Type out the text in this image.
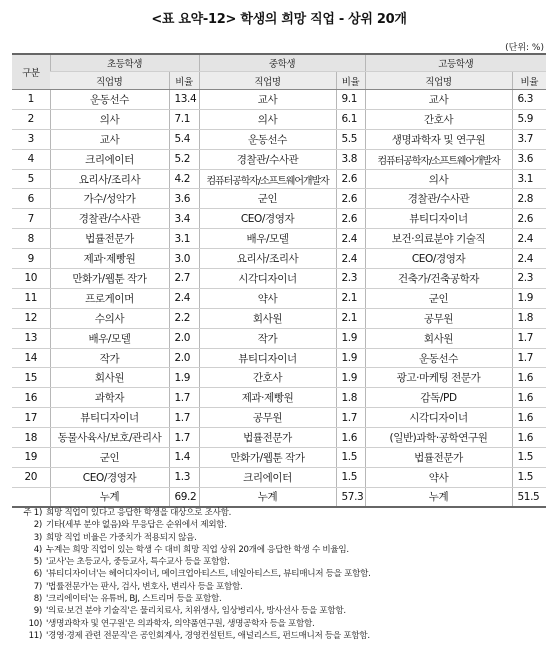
<표 요약-12> 학생의 희망 직업 - 상위 20개
(단위: %)
구분	초등학생		중학생		고등학생	
	직업명	비율	직업명	비율	직업명	비율
1	운동선수	13.4	교사	9.1	교사	6.3
2	의사	7.1	의사	6.1	간호사	5.9
3	교사	5.4	운동선수	5.5	생명과학자 및 연구원	3.7
4	크리에이터	5.2	경찰관/수사관	3.8	컴퓨터공학자/소프트웨어개발자	3.6
5	요리사/조리사	4.2	컴퓨터공학자/소프트웨어개발자	2.6	의사	3.1
6	가수/성악가	3.6	군인	2.6	경찰관/수사관	2.8
7	경찰관/수사관	3.4	CEO/경영자	2.6	뷰티디자이너	2.6
8	법률전문가	3.1	배우/모델	2.4	보건·의료분야 기술직	2.4
9	제과·제빵원	3.0	요리사/조리사	2.4	CEO/경영자	2.4
10	만화가/웹툰 작가	2.7	시각디자이너	2.3	건축가/건축공학자	2.3
11	프로게이머	2.4	약사	2.1	군인	1.9
12	수의사	2.2	회사원	2.1	공무원	1.8
13	배우/모델	2.0	작가	1.9	회사원	1.7
14	작가	2.0	뷰티디자이너	1.9	운동선수	1.7
15	회사원	1.9	간호사	1.9	광고·마케팅 전문가	1.6
16	과학자	1.7	제과·제빵원	1.8	감독/PD	1.6
17	뷰티디자이너	1.7	공무원	1.7	시각디자이너	1.6
18	동물사육사/보호/관리사	1.7	법률전문가	1.6	(일반)과학·공학연구원	1.6
19	군인	1.4	만화가/웹툰 작가	1.5	법률전문가	1.5
20	CEO/경영자	1.3	크리에이터	1.5	약사	1.5
	누계	69.2	누계	57.3	누계	51.5
주 1) 희망 직업이 있다고 응답한 학생을 대상으로 조사함.
2) 기타(세부 분야 없음)와 무응답은 순위에서 제외함.
3) 희망 직업 비율은 가중치가 적용되지 않음.
4) 누계는 희망 직업이 있는 학생 수 대비 희망 직업 상위 20개에 응답한 학생 수 비율임.
5) '교사'는 초등교사, 중등교사, 특수교사 등을 포함함.
6) '뷰티디자이너'는 헤어디자이너, 메이크업아티스트, 네일아티스트, 뷰티매니저 등을 포함함.
7) '법률전문가'는 판사, 검사, 변호사, 변리사 등을 포함함.
8) '크리에이터'는 유튜버, BJ, 스트리머 등을 포함함.
9) '의료·보건 분야 기술직'은 물리치료사, 치위생사, 임상병리사, 방사선사 등을 포함함.
10) '생명과학자 및 연구원'은 의과학자, 의약품연구원, 생명공학자 등을 포함함.
11) '경영·경제 관련 전문직'은 공인회계사, 경영컨설턴트, 애널리스트, 펀드매니저 등을 포함함.
